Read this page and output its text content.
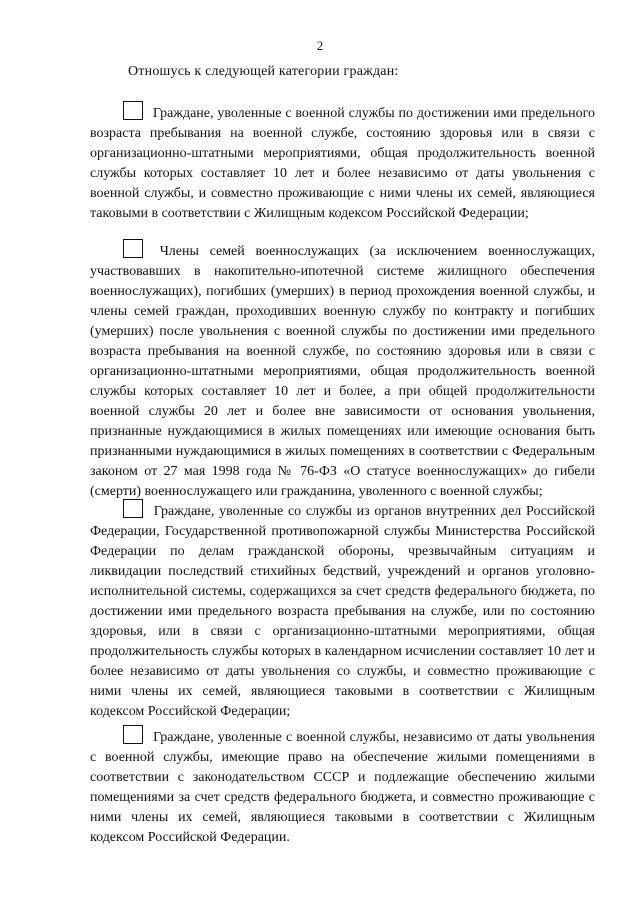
2
Отношусь к следующей категории граждан:

Граждане, уволенные с военной службы по достижении ими предельного возраста пребывания на военной службе, состоянию здоровья или в связи с организационно-штатными мероприятиями, общая продолжительность военной службы которых составляет 10 лет и более независимо от даты увольнения с военной службы, и совместно проживающие с ними члены их семей, являющиеся таковыми в соответствии с Жилищным кодексом Российской Федерации;

Члены семей военнослужащих (за исключением военнослужащих, участвовавших в накопительно-ипотечной системе жилищного обеспечения военнослужащих), погибших (умерших) в период прохождения военной службы, и члены семей граждан, проходивших военную службу по контракту и погибших (умерших) после увольнения с военной службы по достижении ими предельного возраста пребывания на военной службе, по состоянию здоровья или в связи с организационно-штатными мероприятиями, общая продолжительность военной службы которых составляет 10 лет и более, а при общей продолжительности военной службы 20 лет и более вне зависимости от основания увольнения, признанные нуждающимися в жилых помещениях или имеющие основания быть признанными нуждающимися в жилых помещениях в соответствии с Федеральным законом от 27 мая 1998 года № 76-ФЗ «О статусе военнослужащих» до гибели (смерти) военнослужащего или гражданина, уволенного с военной службы;

Граждане, уволенные со службы из органов внутренних дел Российской Федерации, Государственной противопожарной службы Министерства Российской Федерации по делам гражданской обороны, чрезвычайным ситуациям и ликвидации последствий стихийных бедствий, учреждений и органов уголовно-исполнительной системы, содержащихся за счет средств федерального бюджета, по достижении ими предельного возраста пребывания на службе, или по состоянию здоровья, или в связи с организационно-штатными мероприятиями, общая продолжительность службы которых в календарном исчислении составляет 10 лет и более независимо от даты увольнения со службы, и совместно проживающие с ними члены их семей, являющиеся таковыми в соответствии с Жилищным кодексом Российской Федерации;

Граждане, уволенные с военной службы, независимо от даты увольнения с военной службы, имеющие право на обеспечение жилыми помещениями в соответствии с законодательством СССР и подлежащие обеспечению жилыми помещениями за счет средств федерального бюджета, и совместно проживающие с ними члены их семей, являющиеся таковыми в соответствии с Жилищным кодексом Российской Федерации.
